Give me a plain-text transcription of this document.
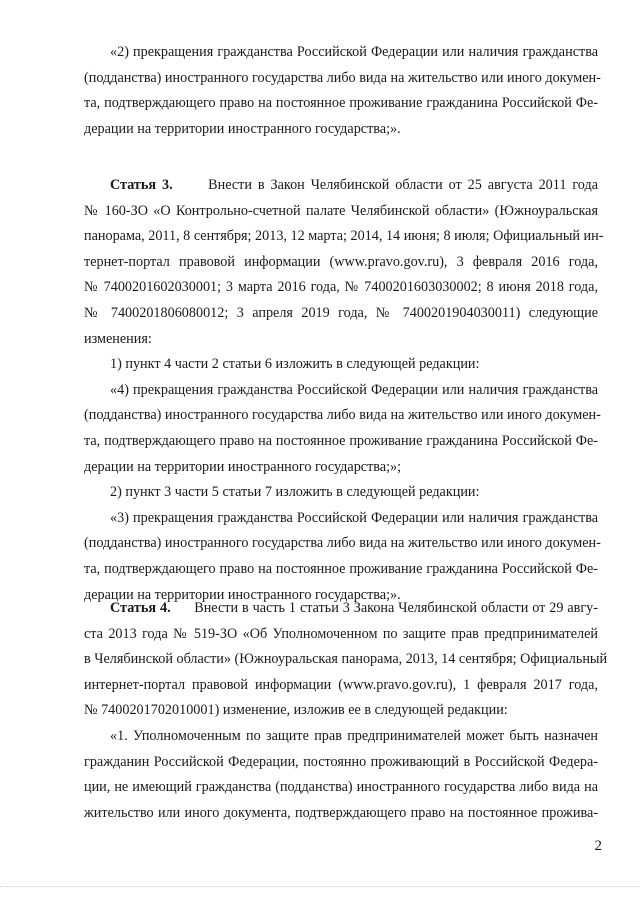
«2) прекращения гражданства Российской Федерации или наличия гражданства
(подданства) иностранного государства либо вида на жительство или иного докумен-
та, подтверждающего право на постоянное проживание гражданина Российской Фе-
дерации на территории иностранного государства;».
Статья 3.	Внести в Закон Челябинской области от 25 августа 2011 года
№ 160-ЗО «О Контрольно-счетной палате Челябинской области» (Южноуральская
панорама, 2011, 8 сентября; 2013, 12 марта; 2014, 14 июня; 8 июля; Официальный ин-
тернет-портал правовой информации (www.pravo.gov.ru), 3 февраля 2016 года,
№ 7400201602030001; 3 марта 2016 года, № 7400201603030002; 8 июня 2018 года,
№ 7400201806080012; 3 апреля 2019 года, № 7400201904030011) следующие
изменения:
1) пункт 4 части 2 статьи 6 изложить в следующей редакции:
«4) прекращения гражданства Российской Федерации или наличия гражданства
(подданства) иностранного государства либо вида на жительство или иного докумен-
та, подтверждающего право на постоянное проживание гражданина Российской Фе-
дерации на территории иностранного государства;»;
2) пункт 3 части 5 статьи 7 изложить в следующей редакции:
«3) прекращения гражданства Российской Федерации или наличия гражданства
(подданства) иностранного государства либо вида на жительство или иного докумен-
та, подтверждающего право на постоянное проживание гражданина Российской Фе-
дерации на территории иностранного государства;».
Статья 4. Внести в часть 1 статьи 3 Закона Челябинской области от 29 авгу-
ста 2013 года № 519-ЗО «Об Уполномоченном по защите прав предпринимателей
в Челябинской области» (Южноуральская панорама, 2013, 14 сентября; Официальный
интернет-портал правовой информации (www.pravo.gov.ru), 1 февраля 2017 года,
№ 7400201702010001) изменение, изложив ее в следующей редакции:
«1. Уполномоченным по защите прав предпринимателей может быть назначен
гражданин Российской Федерации, постоянно проживающий в Российской Федера-
ции, не имеющий гражданства (подданства) иностранного государства либо вида на
жительство или иного документа, подтверждающего право на постоянное прожива-
2
